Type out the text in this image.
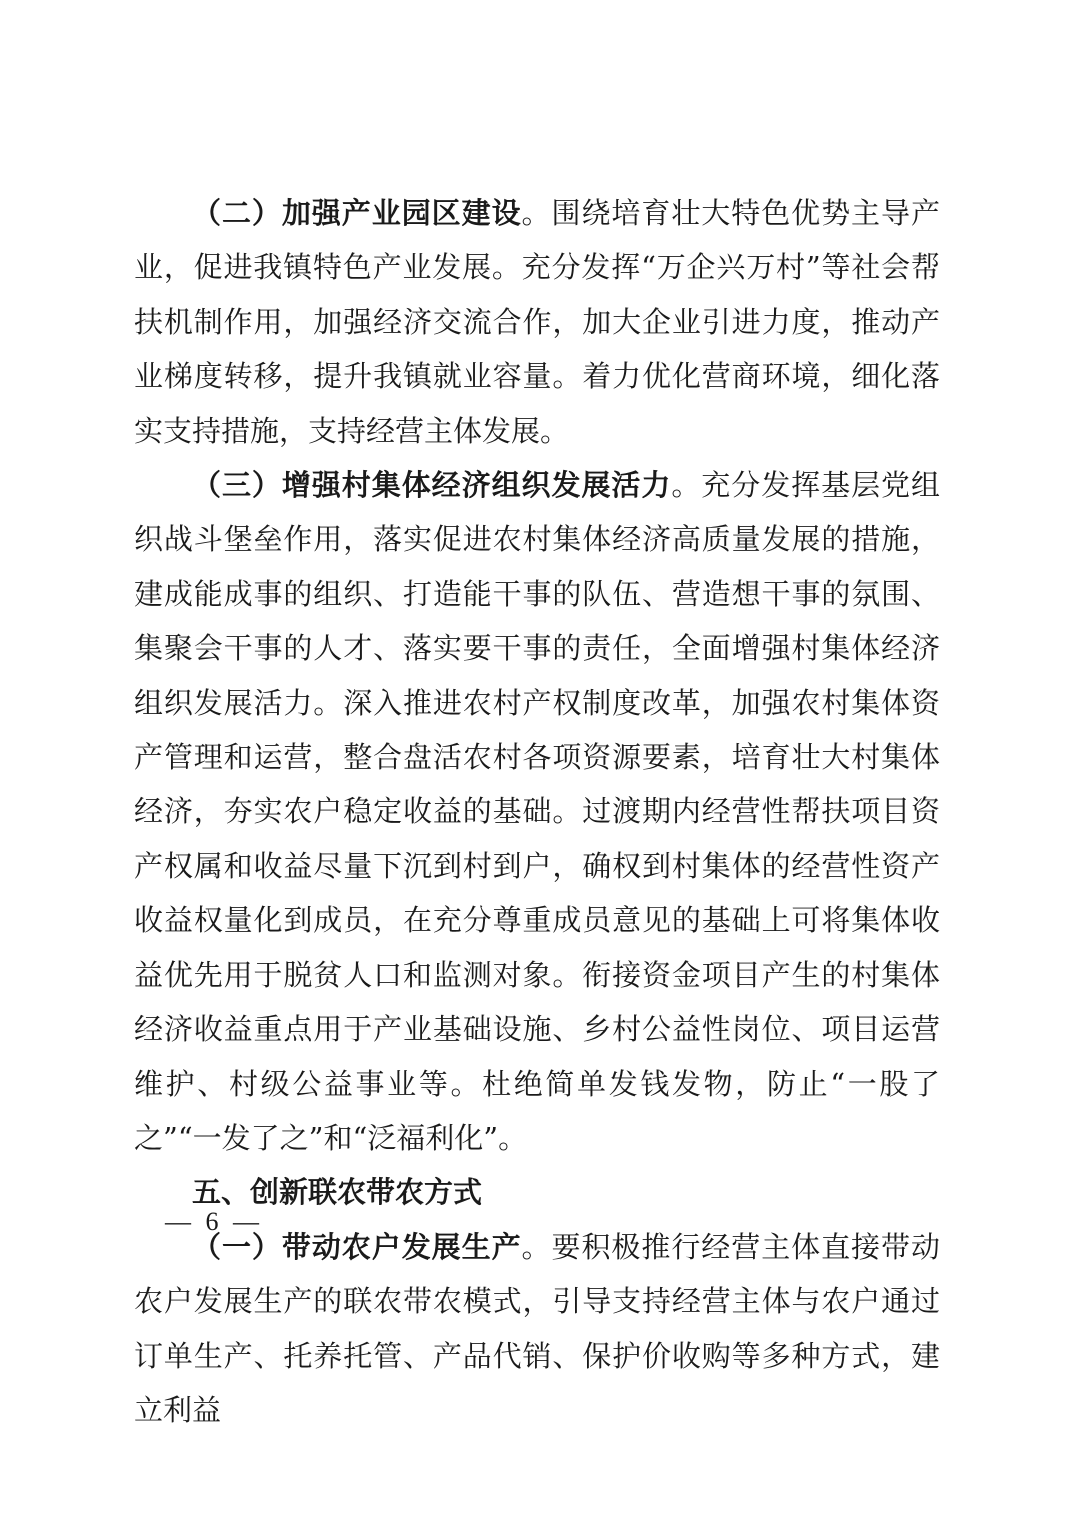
（二）加强产业园区建设。围绕培育壮大特色优势主导产业，促进我镇特色产业发展。充分发挥“万企兴万村”等社会帮扶机制作用，加强经济交流合作，加大企业引进力度，推动产业梯度转移，提升我镇就业容量。着力优化营商环境，细化落实支持措施，支持经营主体发展。

（三）增强村集体经济组织发展活力。充分发挥基层党组织战斗堡垒作用，落实促进农村集体经济高质量发展的措施，建成能成事的组织、打造能干事的队伍、营造想干事的氛围、集聚会干事的人才、落实要干事的责任，全面增强村集体经济组织发展活力。深入推进农村产权制度改革，加强农村集体资产管理和运营，整合盘活农村各项资源要素，培育壮大村集体经济，夯实农户稳定收益的基础。过渡期内经营性帮扶项目资产权属和收益尽量下沉到村到户，确权到村集体的经营性资产收益权量化到成员，在充分尊重成员意见的基础上可将集体收益优先用于脱贫人口和监测对象。衔接资金项目产生的村集体经济收益重点用于产业基础设施、乡村公益性岗位、项目运营维护、村级公益事业等。杜绝简单发钱发物，防止“一股了之”“一发了之”和“泛福利化”。

五、创新联农带农方式

（一）带动农户发展生产。要积极推行经营主体直接带动农户发展生产的联农带农模式，引导支持经营主体与农户通过订单生产、托养托管、产品代销、保护价收购等多种方式，建立利益

— 6 —
